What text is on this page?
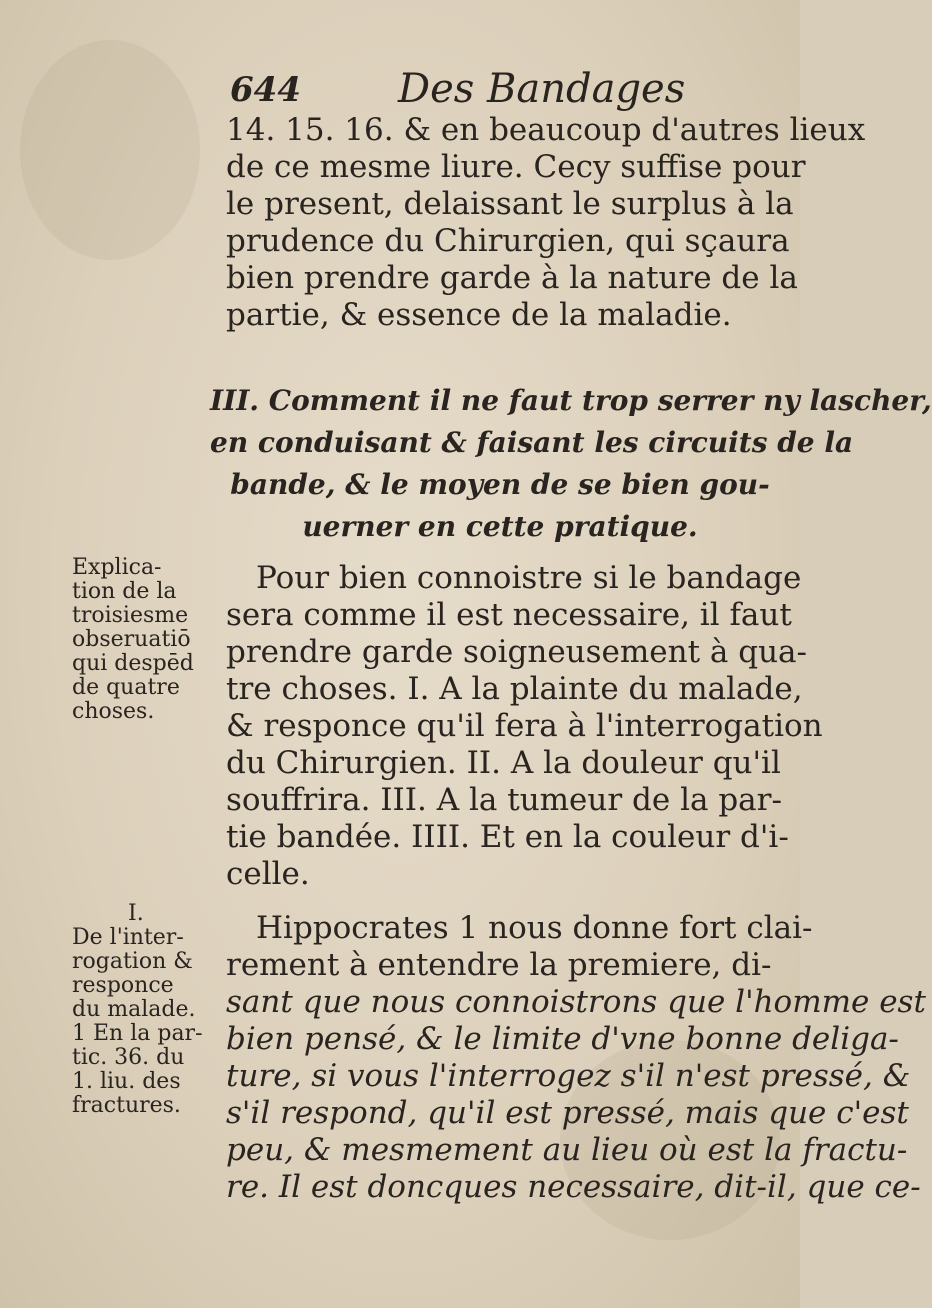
644 Des Bandages
14. 15. 16. & en beaucoup d'autres lieux
de ce mesme liure. Cecy suffise pour
le present, delaissant le surplus à la
prudence du Chirurgien, qui sçaura
bien prendre garde à la nature de la
partie, & essence de la maladie.
III. Comment il ne faut trop serrer ny lascher,
en conduisant & faisant les circuits de la
bande, & le moyen de se bien gou-
uerner en cette pratique.
Explica-
tion de la
troisiesme
obseruatiō
qui despēd
de quatre
choses.
Pour bien connoistre si le bandage
sera comme il est necessaire, il faut
prendre garde soigneusement à qua-
tre choses. I. A la plainte du malade,
& responce qu'il fera à l'interrogation
du Chirurgien. II. A la douleur qu'il
souffrira. III. A la tumeur de la par-
tie bandée. IIII. Et en la couleur d'i-
celle.
I.
De l'inter-
rogation &
responce
du malade.
1 En la par-
tic. 36. du
1. liu. des
fractures.
Hippocrates 1 nous donne fort clai-
rement à entendre la premiere, di-
sant que nous connoistrons que l'homme est
bien pensé, & le limite d'vne bonne deliga-
ture, si vous l'interrogez s'il n'est pressé, &
s'il respond, qu'il est pressé, mais que c'est
peu, & mesmement au lieu où est la fractu-
re. Il est doncques necessaire, dit-il, que ce-
